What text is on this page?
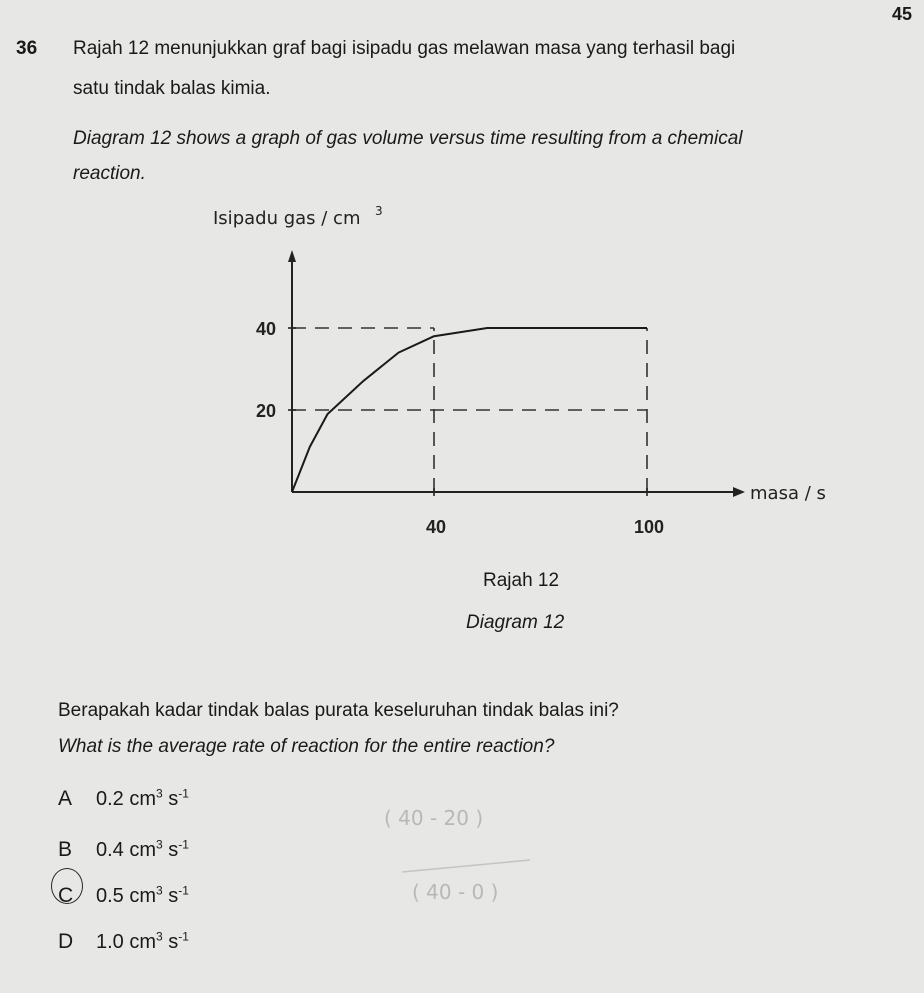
45
36 Rajah 12 menunjukkan graf bagi isipadu gas melawan masa yang terhasil bagi
satu tindak balas kimia.
Diagram 12 shows a graph of gas volume versus time resulting from a chemical
reaction.
40
20
40	100
Isipadu gas / cm 3
masa / s
Rajah 12
Diagram 12
Berapakah kadar tindak balas purata keseluruhan tindak balas ini?
What is the average rate of reaction for the entire reaction?
A 0.2 $cm^3$ $s^{-1}$
B 0.4 $cm^3$ $s^{-1}$
C 0.5 $cm^3$ $s^{-1}$
D 1.0 $cm^3$ $s^{-1}$
( 40 - 20 )
( 40 - 0 )
